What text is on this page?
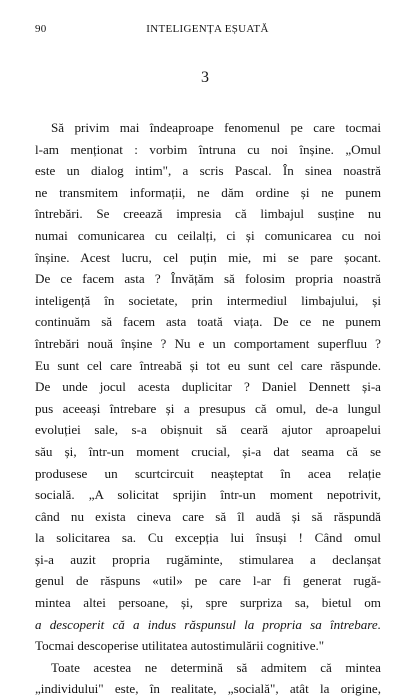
90	INTELIGENȚA EȘUATĂ
3
Să privim mai îndeaproape fenomenul pe care tocmai
l-am menționat : vorbim întruna cu noi înșine. „Omul
este un dialog intim", a scris Pascal. În sinea noastră
ne transmitem informații, ne dăm ordine și ne punem
întrebări. Se creează impresia că limbajul susține nu
numai comunicarea cu ceilalți, ci și comunicarea cu noi
înșine. Acest lucru, cel puțin mie, mi se pare șocant.
De ce facem asta ? Învățăm să folosim propria noastră
inteligență în societate, prin intermediul limbajului, și
continuăm să facem asta toată viața. De ce ne punem
întrebări nouă înșine ? Nu e un comportament superfluu ?
Eu sunt cel care întreabă și tot eu sunt cel care răspunde.
De unde jocul acesta duplicitar ? Daniel Dennett și-a
pus aceeași întrebare și a presupus că omul, de-a lungul
evoluției sale, s-a obișnuit să ceară ajutor aproapelui
său și, într-un moment crucial, și-a dat seama că se
produsese un scurtcircuit neașteptat în acea relație
socială. „A solicitat sprijin într-un moment nepotrivit,
când nu exista cineva care să îl audă și să răspundă
la solicitarea sa. Cu excepția lui însuși ! Când omul
și-a auzit propria rugăminte, stimularea a declanșat
genul de răspuns «util» pe care l-ar fi generat rugă-
mintea altei persoane, și, spre surpriza sa, bietul om
a descoperit că a indus răspunsul la propria sa întrebare.
Tocmai descoperise utilitatea autostimulării cognitive."
Toate acestea ne determină să admitem că mintea
„individului" este, în realitate, „socială", atât la origine,
